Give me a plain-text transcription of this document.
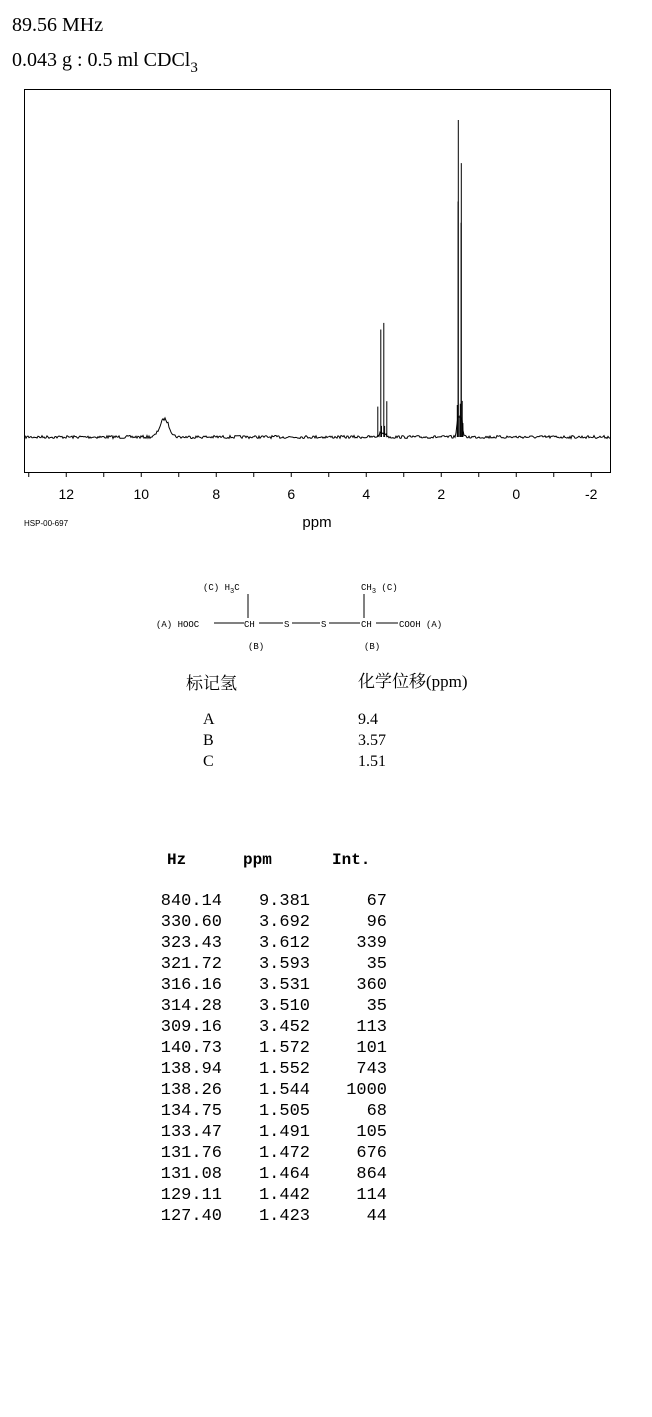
89.56 MHz
0.043 g : 0.5 ml CDCl$_3$
12	10	8	6	4	2	0	-2
ppm
HSP-00-697
(C) $H_3C$	$CH_3$ (C)
(A) HOOC	CH	S	S	CH	COOH (A)
(B)	(B)
标记氢	化学位移(ppm)
A	9.4
B	3.57
C	1.51
Hz	ppm	Int.
840.14 9.381	67
330.60 3.692	96
323.43 3.612	339
321.72 3.593	35
316.16 3.531	360
314.28 3.510	35
309.16 3.452	113
140.73 1.572	101
138.94 1.552	743
138.26 1.544 1000
134.75 1.505	68
133.47 1.491	105
131.76 1.472	676
131.08 1.464	864
129.11 1.442	114
127.40 1.423	44
